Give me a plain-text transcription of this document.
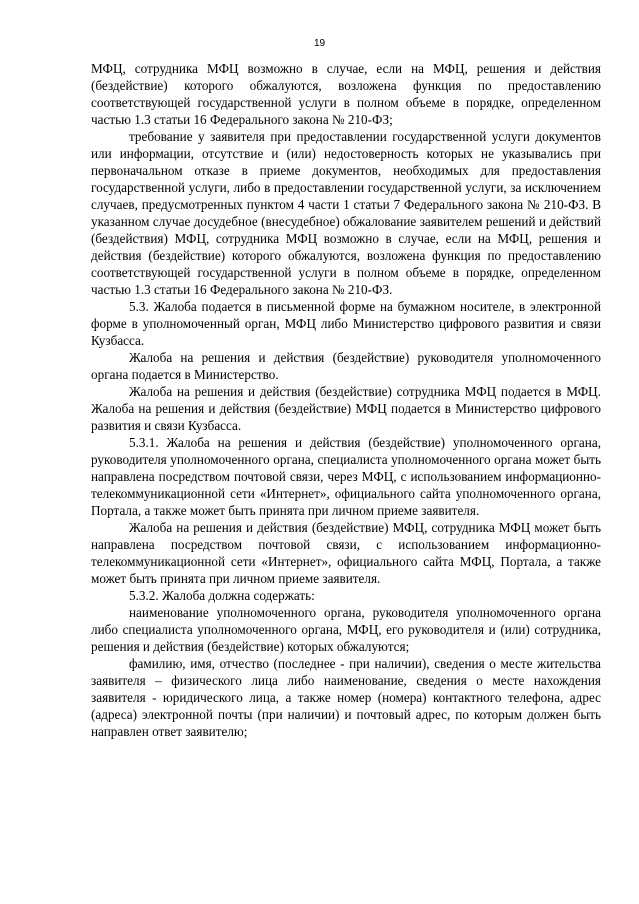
19

МФЦ, сотрудника МФЦ возможно в случае, если на МФЦ, решения и действия (бездействие) которого обжалуются, возложена функция по предоставлению соответствующей государственной услуги в полном объеме в порядке, определенном частью 1.3 статьи 16 Федерального закона № 210-ФЗ;

требование у заявителя при предоставлении государственной услуги документов или информации, отсутствие и (или) недостоверность которых не указывались при первоначальном отказе в приеме документов, необходимых для предоставления государственной услуги, либо в предоставлении государственной услуги, за исключением случаев, предусмотренных пунктом 4 части 1 статьи 7 Федерального закона № 210-ФЗ. В указанном случае досудебное (внесудебное) обжалование заявителем решений и действий (бездействия) МФЦ, сотрудника МФЦ возможно в случае, если на МФЦ, решения и действия (бездействие) которого обжалуются, возложена функция по предоставлению соответствующей государственной услуги в полном объеме в порядке, определенном частью 1.3 статьи 16 Федерального закона № 210-ФЗ.

5.3. Жалоба подается в письменной форме на бумажном носителе, в электронной форме в уполномоченный орган, МФЦ либо Министерство цифрового развития и связи Кузбасса.

Жалоба на решения и действия (бездействие) руководителя уполномоченного органа подается в Министерство.

Жалоба на решения и действия (бездействие) сотрудника МФЦ подается в МФЦ. Жалоба на решения и действия (бездействие) МФЦ подается в Министерство цифрового развития и связи Кузбасса.

5.3.1. Жалоба на решения и действия (бездействие) уполномоченного органа, руководителя уполномоченного органа, специалиста уполномоченного органа может быть направлена посредством почтовой связи, через МФЦ, с использованием информационно-телекоммуникационной сети «Интернет», официального сайта уполномоченного органа, Портала, а также может быть принята при личном приеме заявителя.

Жалоба на решения и действия (бездействие) МФЦ, сотрудника МФЦ может быть направлена посредством почтовой связи, с использованием информационно-телекоммуникационной сети «Интернет», официального сайта МФЦ, Портала, а также может быть принята при личном приеме заявителя.

5.3.2. Жалоба должна содержать:

наименование уполномоченного органа, руководителя уполномоченного органа либо специалиста уполномоченного органа, МФЦ, его руководителя и (или) сотрудника, решения и действия (бездействие) которых обжалуются;

фамилию, имя, отчество (последнее - при наличии), сведения о месте жительства заявителя – физического лица либо наименование, сведения о месте нахождения заявителя - юридического лица, а также номер (номера) контактного телефона, адрес (адреса) электронной почты (при наличии) и почтовый адрес, по которым должен быть направлен ответ заявителю;
